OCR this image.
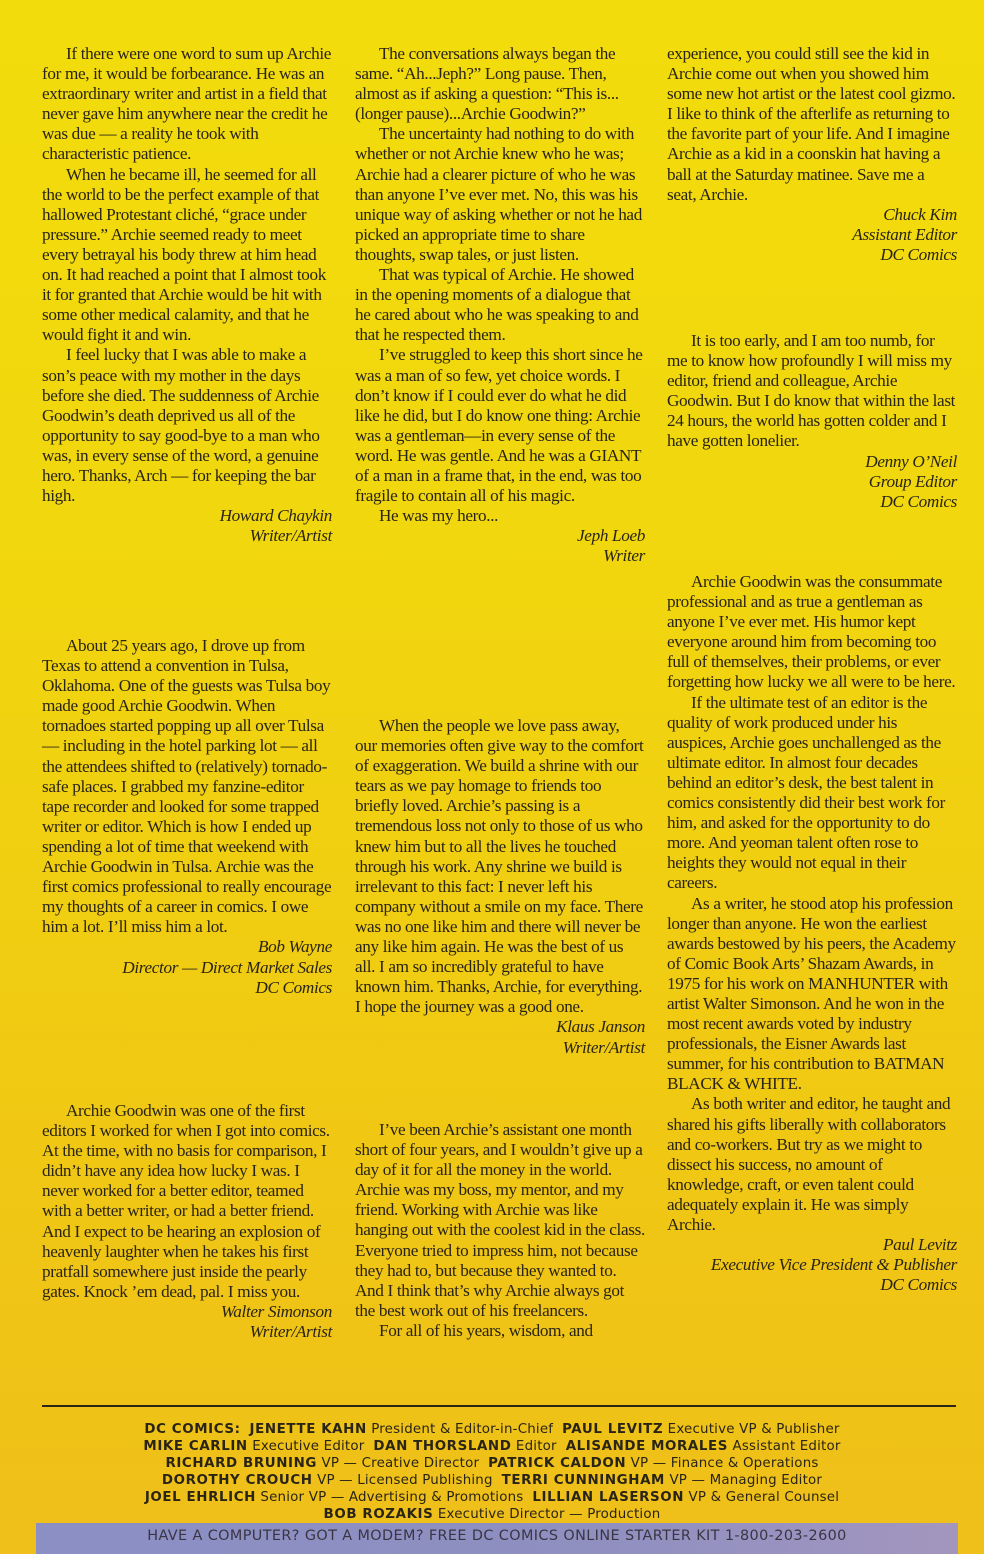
If there were one word to sum up Archie for me, it would be forbearance. He was an extraordinary writer and artist in a field that never gave him anywhere near the credit he was due — a reality he took with characteristic patience.

When he became ill, he seemed for all the world to be the perfect example of that hallowed Protestant cliché, “grace under pressure.” Archie seemed ready to meet every betrayal his body threw at him head on. It had reached a point that I almost took it for granted that Archie would be hit with some other medical calamity, and that he would fight it and win.

I feel lucky that I was able to make a son’s peace with my mother in the days before she died. The suddenness of Archie Goodwin’s death deprived us all of the opportunity to say good-bye to a man who was, in every sense of the word, a genuine hero. Thanks, Arch — for keeping the bar high.

Howard Chaykin
Writer/Artist

About 25 years ago, I drove up from Texas to attend a convention in Tulsa, Oklahoma. One of the guests was Tulsa boy made good Archie Goodwin. When tornadoes started popping up all over Tulsa — including in the hotel parking lot — all the attendees shifted to (relatively) tornado-safe places. I grabbed my fanzine-editor tape recorder and looked for some trapped writer or editor. Which is how I ended up spending a lot of time that weekend with Archie Goodwin in Tulsa. Archie was the first comics professional to really encourage my thoughts of a career in comics. I owe him a lot. I’ll miss him a lot.

Bob Wayne
Director — Direct Market Sales
DC Comics

Archie Goodwin was one of the first editors I worked for when I got into comics. At the time, with no basis for comparison, I didn’t have any idea how lucky I was. I never worked for a better editor, teamed with a better writer, or had a better friend. And I expect to be hearing an explosion of heavenly laughter when he takes his first pratfall somewhere just inside the pearly gates. Knock ’em dead, pal. I miss you.

Walter Simonson
Writer/Artist

The conversations always began the same. “Ah...Jeph?” Long pause. Then, almost as if asking a question: “This is...(longer pause)...Archie Goodwin?”

The uncertainty had nothing to do with whether or not Archie knew who he was; Archie had a clearer picture of who he was than anyone I’ve ever met. No, this was his unique way of asking whether or not he had picked an appropriate time to share thoughts, swap tales, or just listen.

That was typical of Archie. He showed in the opening moments of a dialogue that he cared about who he was speaking to and that he respected them.

I’ve struggled to keep this short since he was a man of so few, yet choice words. I don’t know if I could ever do what he did like he did, but I do know one thing: Archie was a gentleman—in every sense of the word. He was gentle. And he was a GIANT of a man in a frame that, in the end, was too fragile to contain all of his magic.

He was my hero...

Jeph Loeb
Writer

When the people we love pass away, our memories often give way to the comfort of exaggeration. We build a shrine with our tears as we pay homage to friends too briefly loved. Archie’s passing is a tremendous loss not only to those of us who knew him but to all the lives he touched through his work. Any shrine we build is irrelevant to this fact: I never left his company without a smile on my face. There was no one like him and there will never be any like him again. He was the best of us all. I am so incredibly grateful to have known him. Thanks, Archie, for everything. I hope the journey was a good one.

Klaus Janson
Writer/Artist

I’ve been Archie’s assistant one month short of four years, and I wouldn’t give up a day of it for all the money in the world. Archie was my boss, my mentor, and my friend. Working with Archie was like hanging out with the coolest kid in the class. Everyone tried to impress him, not because they had to, but because they wanted to. And I think that’s why Archie always got the best work out of his freelancers.

For all of his years, wisdom, and

experience, you could still see the kid in Archie come out when you showed him some new hot artist or the latest cool gizmo. I like to think of the afterlife as returning to the favorite part of your life. And I imagine Archie as a kid in a coonskin hat having a ball at the Saturday matinee. Save me a seat, Archie.

Chuck Kim
Assistant Editor
DC Comics

It is too early, and I am too numb, for me to know how profoundly I will miss my editor, friend and colleague, Archie Goodwin. But I do know that within the last 24 hours, the world has gotten colder and I have gotten lonelier.

Denny O’Neil
Group Editor
DC Comics

Archie Goodwin was the consummate professional and as true a gentleman as anyone I’ve ever met. His humor kept everyone around him from becoming too full of themselves, their problems, or ever forgetting how lucky we all were to be here.

If the ultimate test of an editor is the quality of work produced under his auspices, Archie goes unchallenged as the ultimate editor. In almost four decades behind an editor’s desk, the best talent in comics consistently did their best work for him, and asked for the opportunity to do more. And yeoman talent often rose to heights they would not equal in their careers.

As a writer, he stood atop his profession longer than anyone. He won the earliest awards bestowed by his peers, the Academy of Comic Book Arts’ Shazam Awards, in 1975 for his work on MANHUNTER with artist Walter Simonson. And he won in the most recent awards voted by industry professionals, the Eisner Awards last summer, for his contribution to BATMAN BLACK & WHITE.

As both writer and editor, he taught and shared his gifts liberally with collaborators and co-workers. But try as we might to dissect his success, no amount of knowledge, craft, or even talent could adequately explain it. He was simply Archie.

Paul Levitz
Executive Vice President & Publisher
DC Comics
DC COMICS: JENETTE KAHN President & Editor-in-Chief PAUL LEVITZ Executive VP & Publisher
MIKE CARLIN Executive Editor DAN THORSLAND Editor ALISANDE MORALES Assistant Editor
RICHARD BRUNING VP — Creative Director PATRICK CALDON VP — Finance & Operations
DOROTHY CROUCH VP — Licensed Publishing TERRI CUNNINGHAM VP — Managing Editor
JOEL EHRLICH Senior VP — Advertising & Promotions LILLIAN LASERSON VP & General Counsel
BOB ROZAKIS Executive Director — Production
HAVE A COMPUTER? GOT A MODEM? FREE DC COMICS ONLINE STARTER KIT 1-800-203-2600
